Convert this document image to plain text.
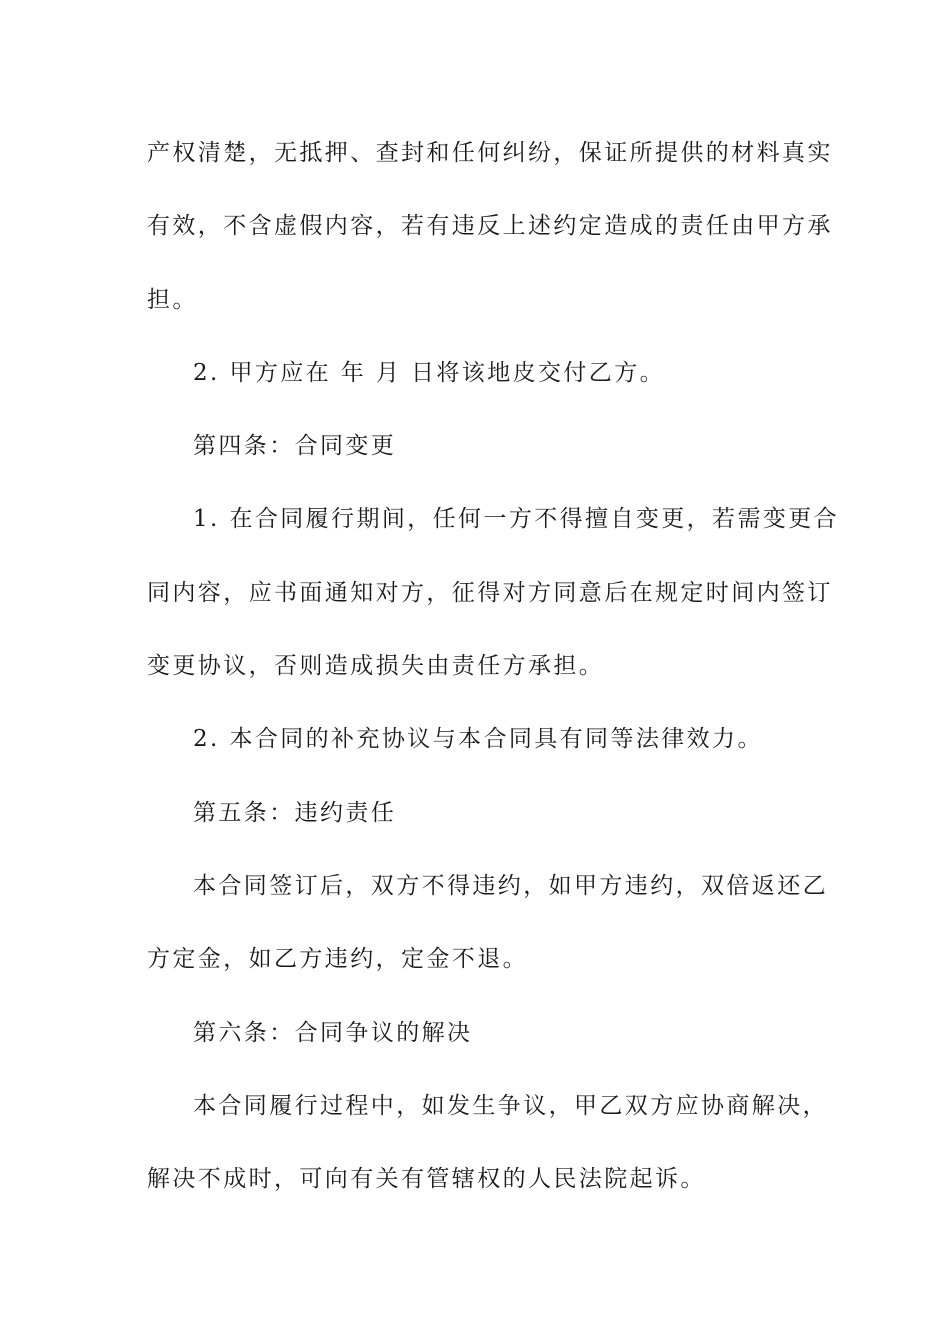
产权清楚，无抵押、查封和任何纠纷，保证所提供的材料真实
有效，不含虚假内容，若有违反上述约定造成的责任由甲方承
担。
2. 甲方应在 年 月 日将该地皮交付乙方。
第四条：合同变更
1. 在合同履行期间，任何一方不得擅自变更，若需变更合
同内容，应书面通知对方，征得对方同意后在规定时间内签订
变更协议，否则造成损失由责任方承担。
2. 本合同的补充协议与本合同具有同等法律效力。
第五条：违约责任
本合同签订后，双方不得违约，如甲方违约，双倍返还乙
方定金，如乙方违约，定金不退。
第六条：合同争议的解决
本合同履行过程中，如发生争议，甲乙双方应协商解决，
解决不成时，可向有关有管辖权的人民法院起诉。
